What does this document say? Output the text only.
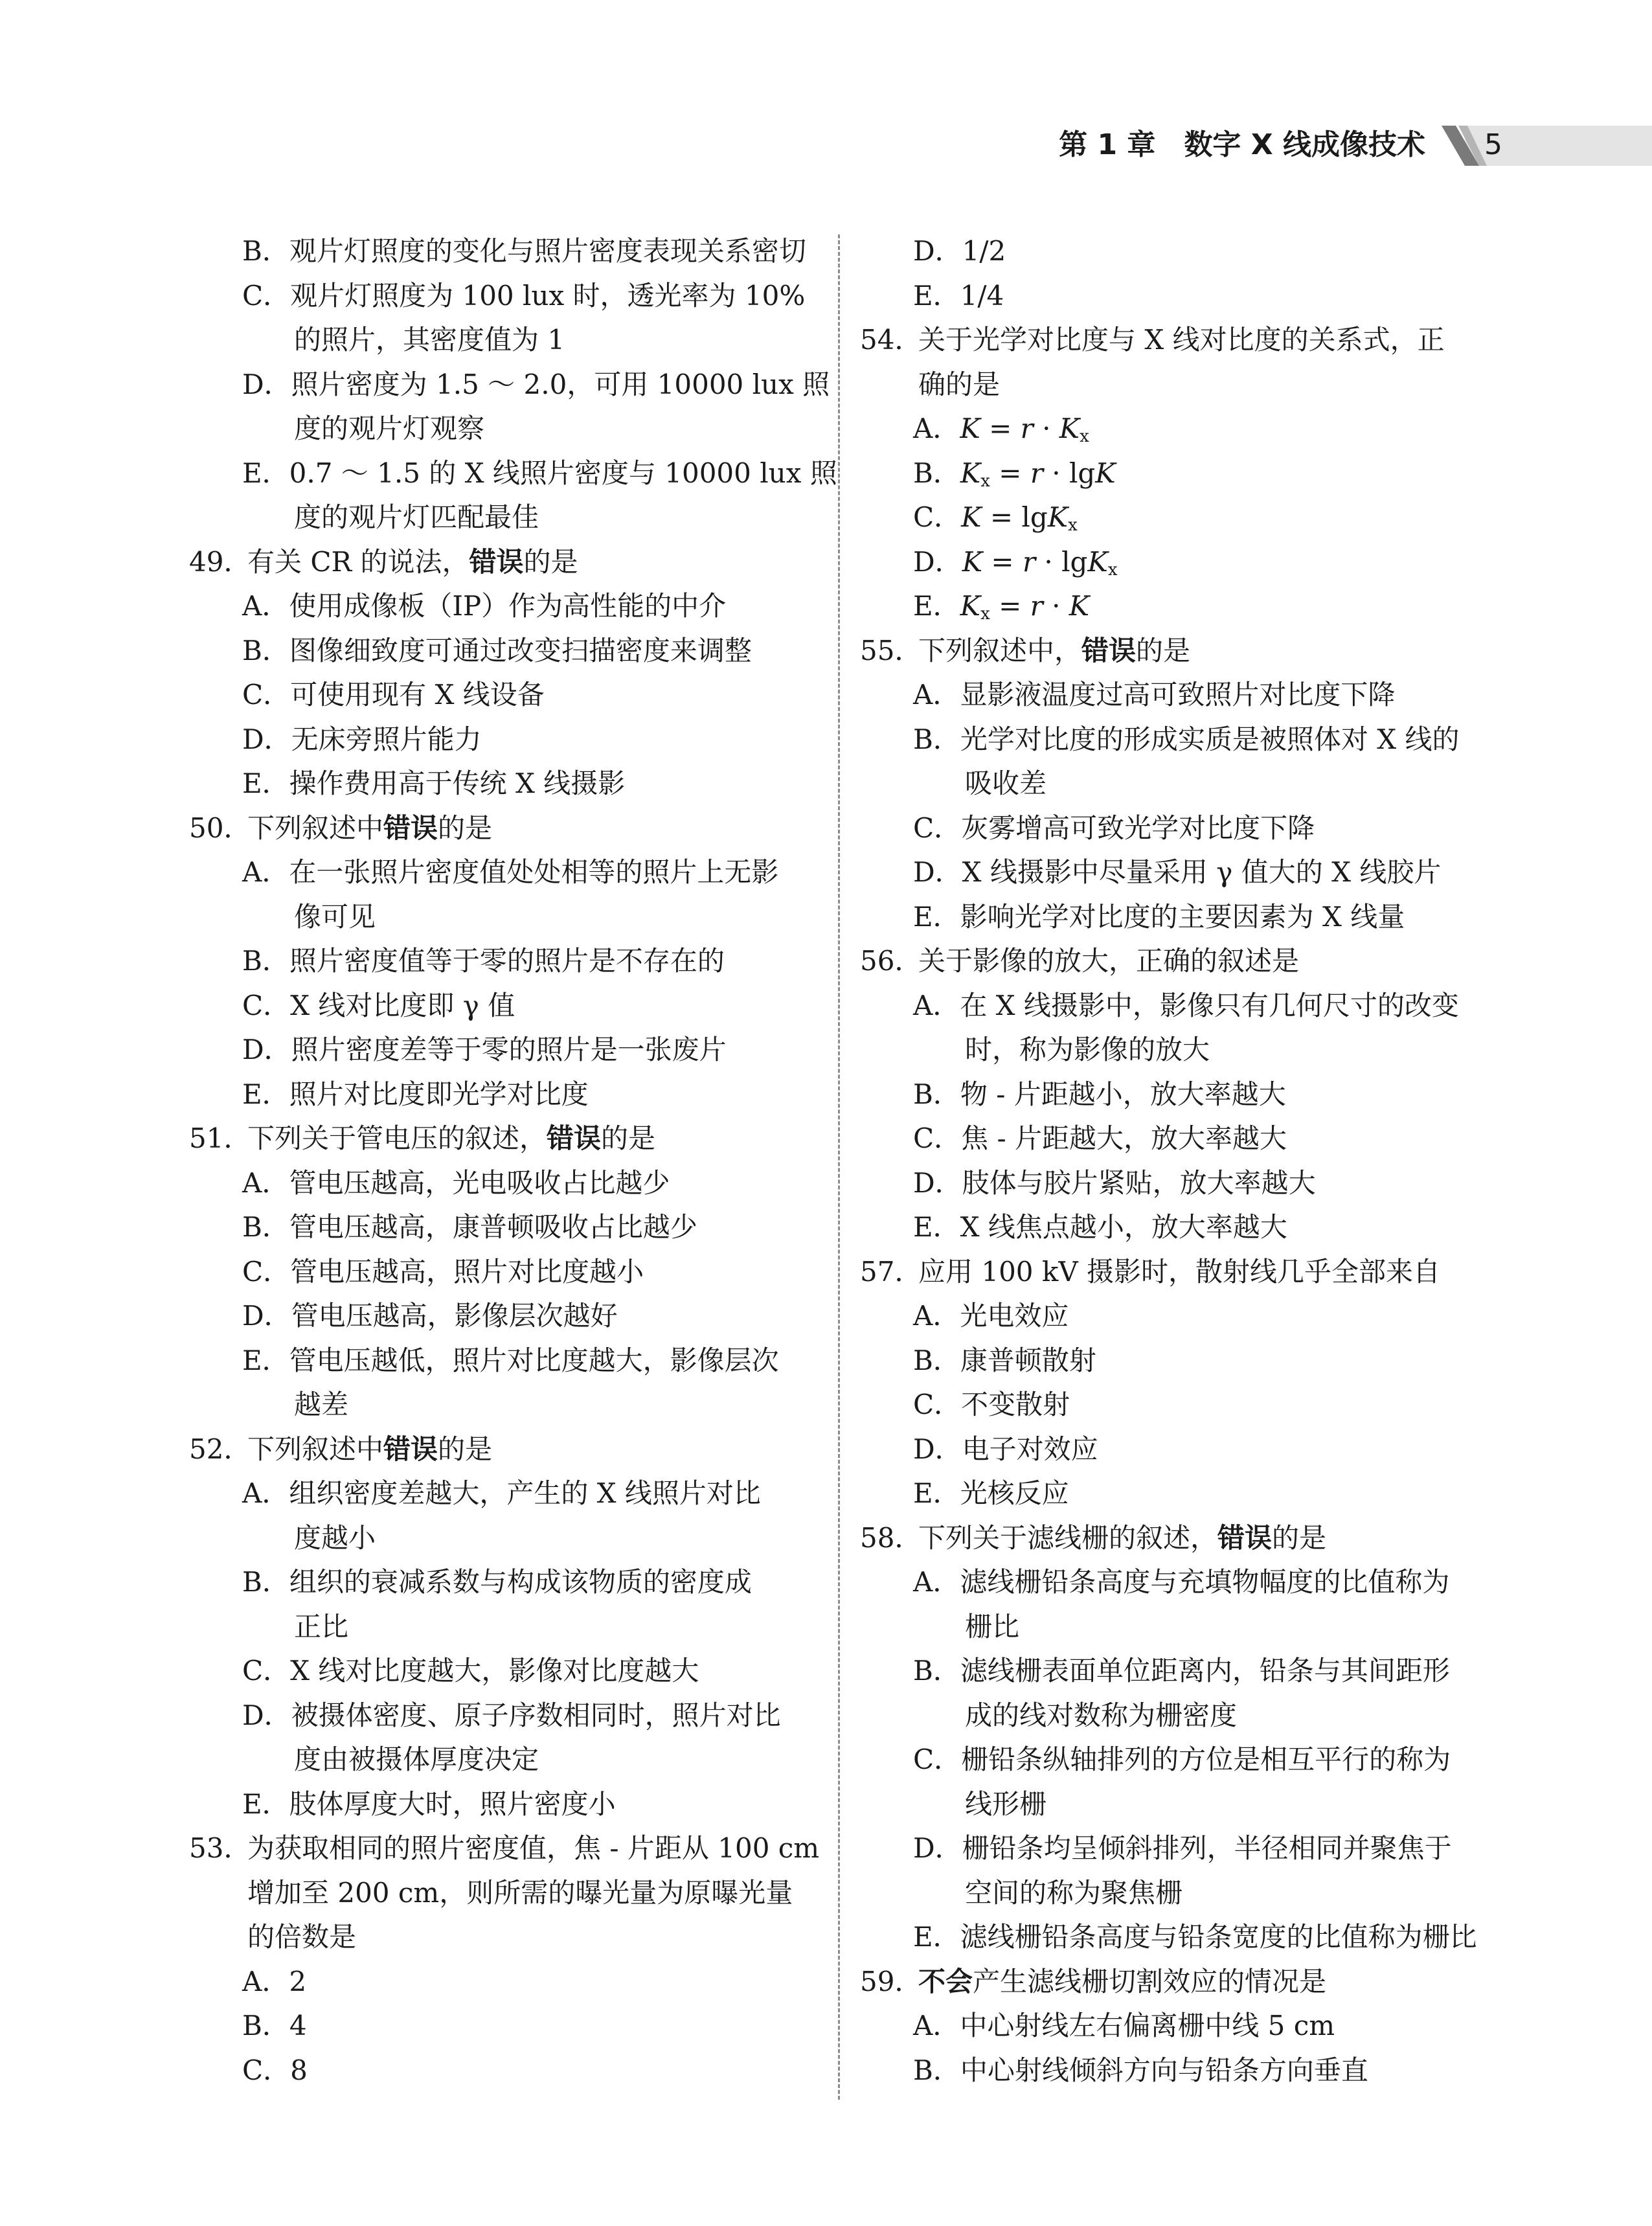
第 1 章 数字 X 线成像技术 5
B．观片灯照度的变化与照片密度表现关系密切
C．观片灯照度为 100 lux 时，透光率为 10%
的照片，其密度值为 1
D．照片密度为 1.5 ～ 2.0，可用 10000 lux 照
度的观片灯观察
E．0.7 ～ 1.5 的 X 线照片密度与 10000 lux 照
度的观片灯匹配最佳
49．
有关 CR 的说法，错误的是
A．使用成像板（IP）作为高性能的中介
B．图像细致度可通过改变扫描密度来调整
C．可使用现有 X 线设备
D．无床旁照片能力
E．操作费用高于传统 X 线摄影
50．
下列叙述中错误的是
A．在一张照片密度值处处相等的照片上无影
像可见
B．照片密度值等于零的照片是不存在的
C．X 线对比度即 γ 值
D．照片密度差等于零的照片是一张废片
E．照片对比度即光学对比度
51．
下列关于管电压的叙述，错误的是
A．管电压越高，光电吸收占比越少
B．管电压越高，康普顿吸收占比越少
C．管电压越高，照片对比度越小
D．管电压越高，影像层次越好
E．管电压越低，照片对比度越大，影像层次
越差
52．
下列叙述中错误的是
A．组织密度差越大，产生的 X 线照片对比
度越小
B．组织的衰减系数与构成该物质的密度成
正比
C．X 线对比度越大，影像对比度越大
D．被摄体密度、原子序数相同时，照片对比
度由被摄体厚度决定
E．肢体厚度大时，照片密度小
53．
为获取相同的照片密度值，焦 - 片距从 100 cm
增加至 200 cm，则所需的曝光量为原曝光量
的倍数是
A．2
B．4
C．8
D．1/2
E．1/4
54．
关于光学对比度与 X 线对比度的关系式，正
确的是
A．$K = r \cdot K_x$
B．$K_x = r \cdot \lg K$
C．K = lgK$_x$
D．K = r · lgK$_x$
E．$K_x = r \cdot K$
55．
下列叙述中，错误的是
A．显影液温度过高可致照片对比度下降
B．光学对比度的形成实质是被照体对 X 线的
吸收差
C．灰雾增高可致光学对比度下降
D．X 线摄影中尽量采用 γ 值大的 X 线胶片
E．影响光学对比度的主要因素为 X 线量
56．
关于影像的放大，正确的叙述是
A．在 X 线摄影中，影像只有几何尺寸的改变
时，称为影像的放大
B．物 - 片距越小，放大率越大
C．焦 - 片距越大，放大率越大
D．肢体与胶片紧贴，放大率越大
E．X 线焦点越小，放大率越大
57．
应用 100 kV 摄影时，散射线几乎全部来自
A．光电效应
B．康普顿散射
C．不变散射
D．电子对效应
E．光核反应
58．
下列关于滤线栅的叙述，错误的是
A．滤线栅铅条高度与充填物幅度的比值称为
栅比
B．滤线栅表面单位距离内，铅条与其间距形
成的线对数称为栅密度
C．栅铅条纵轴排列的方位是相互平行的称为
线形栅
D．栅铅条均呈倾斜排列，半径相同并聚焦于
空间的称为聚焦栅
E．滤线栅铅条高度与铅条宽度的比值称为栅比
59．
不会产生滤线栅切割效应的情况是
A．中心射线左右偏离栅中线 5 cm
B．中心射线倾斜方向与铅条方向垂直
